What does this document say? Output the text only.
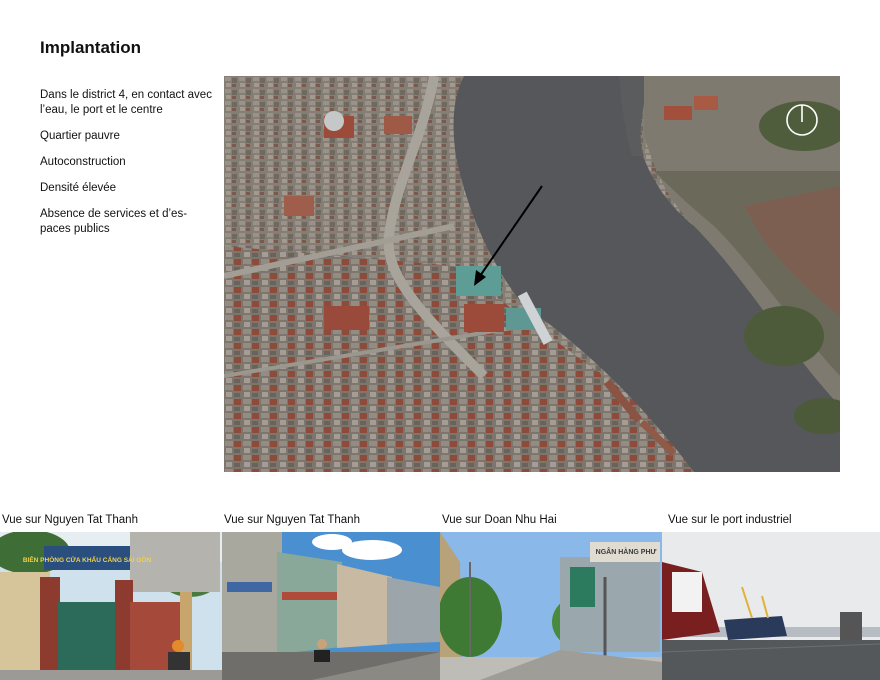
Implantation

Dans le district 4, en contact avec l’eau, le port et le centre

Quartier pauvre

Autoconstruction

Densité élevée

Absence de services et d’es-paces publics

Vue sur Nguyen Tat Thanh	Vue sur Nguyen Tat Thanh	Vue sur Doan Nhu Hai	Vue sur le port industriel
BIÊN PHÒNG CỬA KHẨU CẢNG SÀI GÒN
NGÂN HÀNG PHƯ
